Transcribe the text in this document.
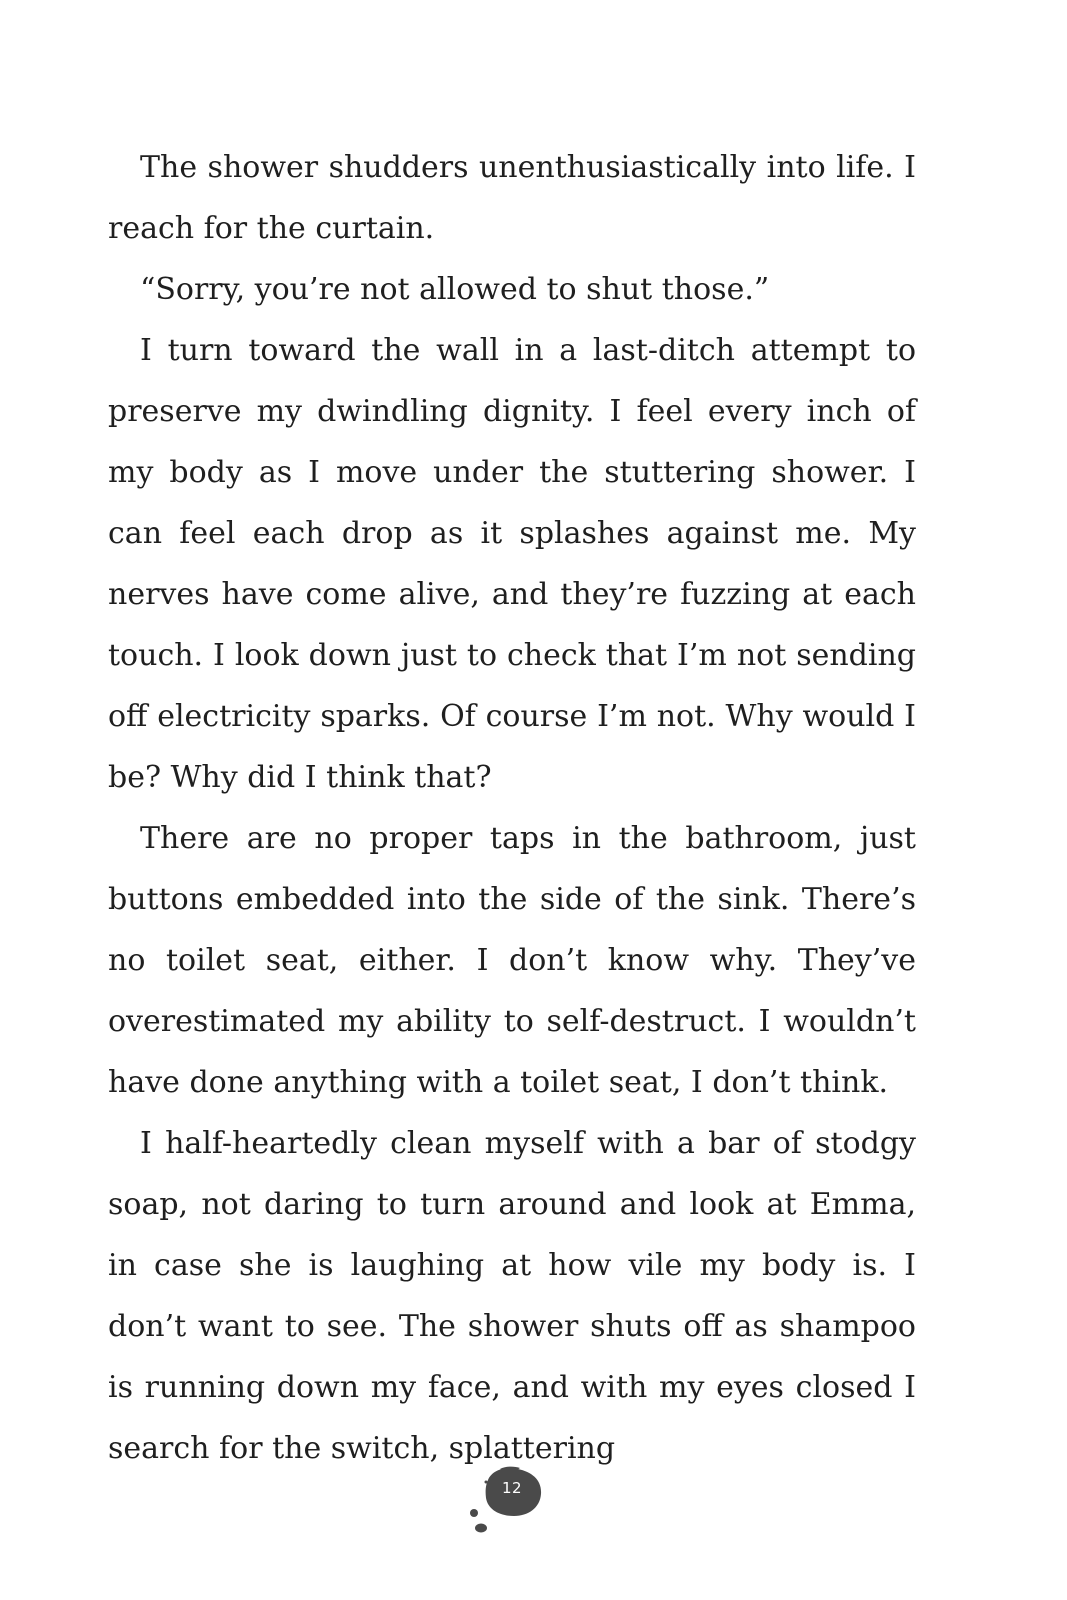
The shower shudders unenthusiastically into life. I reach for the curtain.

“Sorry, you’re not allowed to shut those.”

I turn toward the wall in a last-ditch attempt to preserve my dwindling dignity. I feel every inch of my body as I move under the stuttering shower. I can feel each drop as it splashes against me. My nerves have come alive, and they’re fuzzing at each touch. I look down just to check that I’m not sending off electricity sparks. Of course I’m not. Why would I be? Why did I think that?

There are no proper taps in the bathroom, just buttons embedded into the side of the sink. There’s no toilet seat, either. I don’t know why. They’ve overestimated my ability to self-destruct. I wouldn’t have done anything with a toilet seat, I don’t think.

I half-heartedly clean myself with a bar of stodgy soap, not daring to turn around and look at Emma, in case she is laughing at how vile my body is. I don’t want to see. The shower shuts off as shampoo is running down my face, and with my eyes closed I search for the switch, splattering

12
